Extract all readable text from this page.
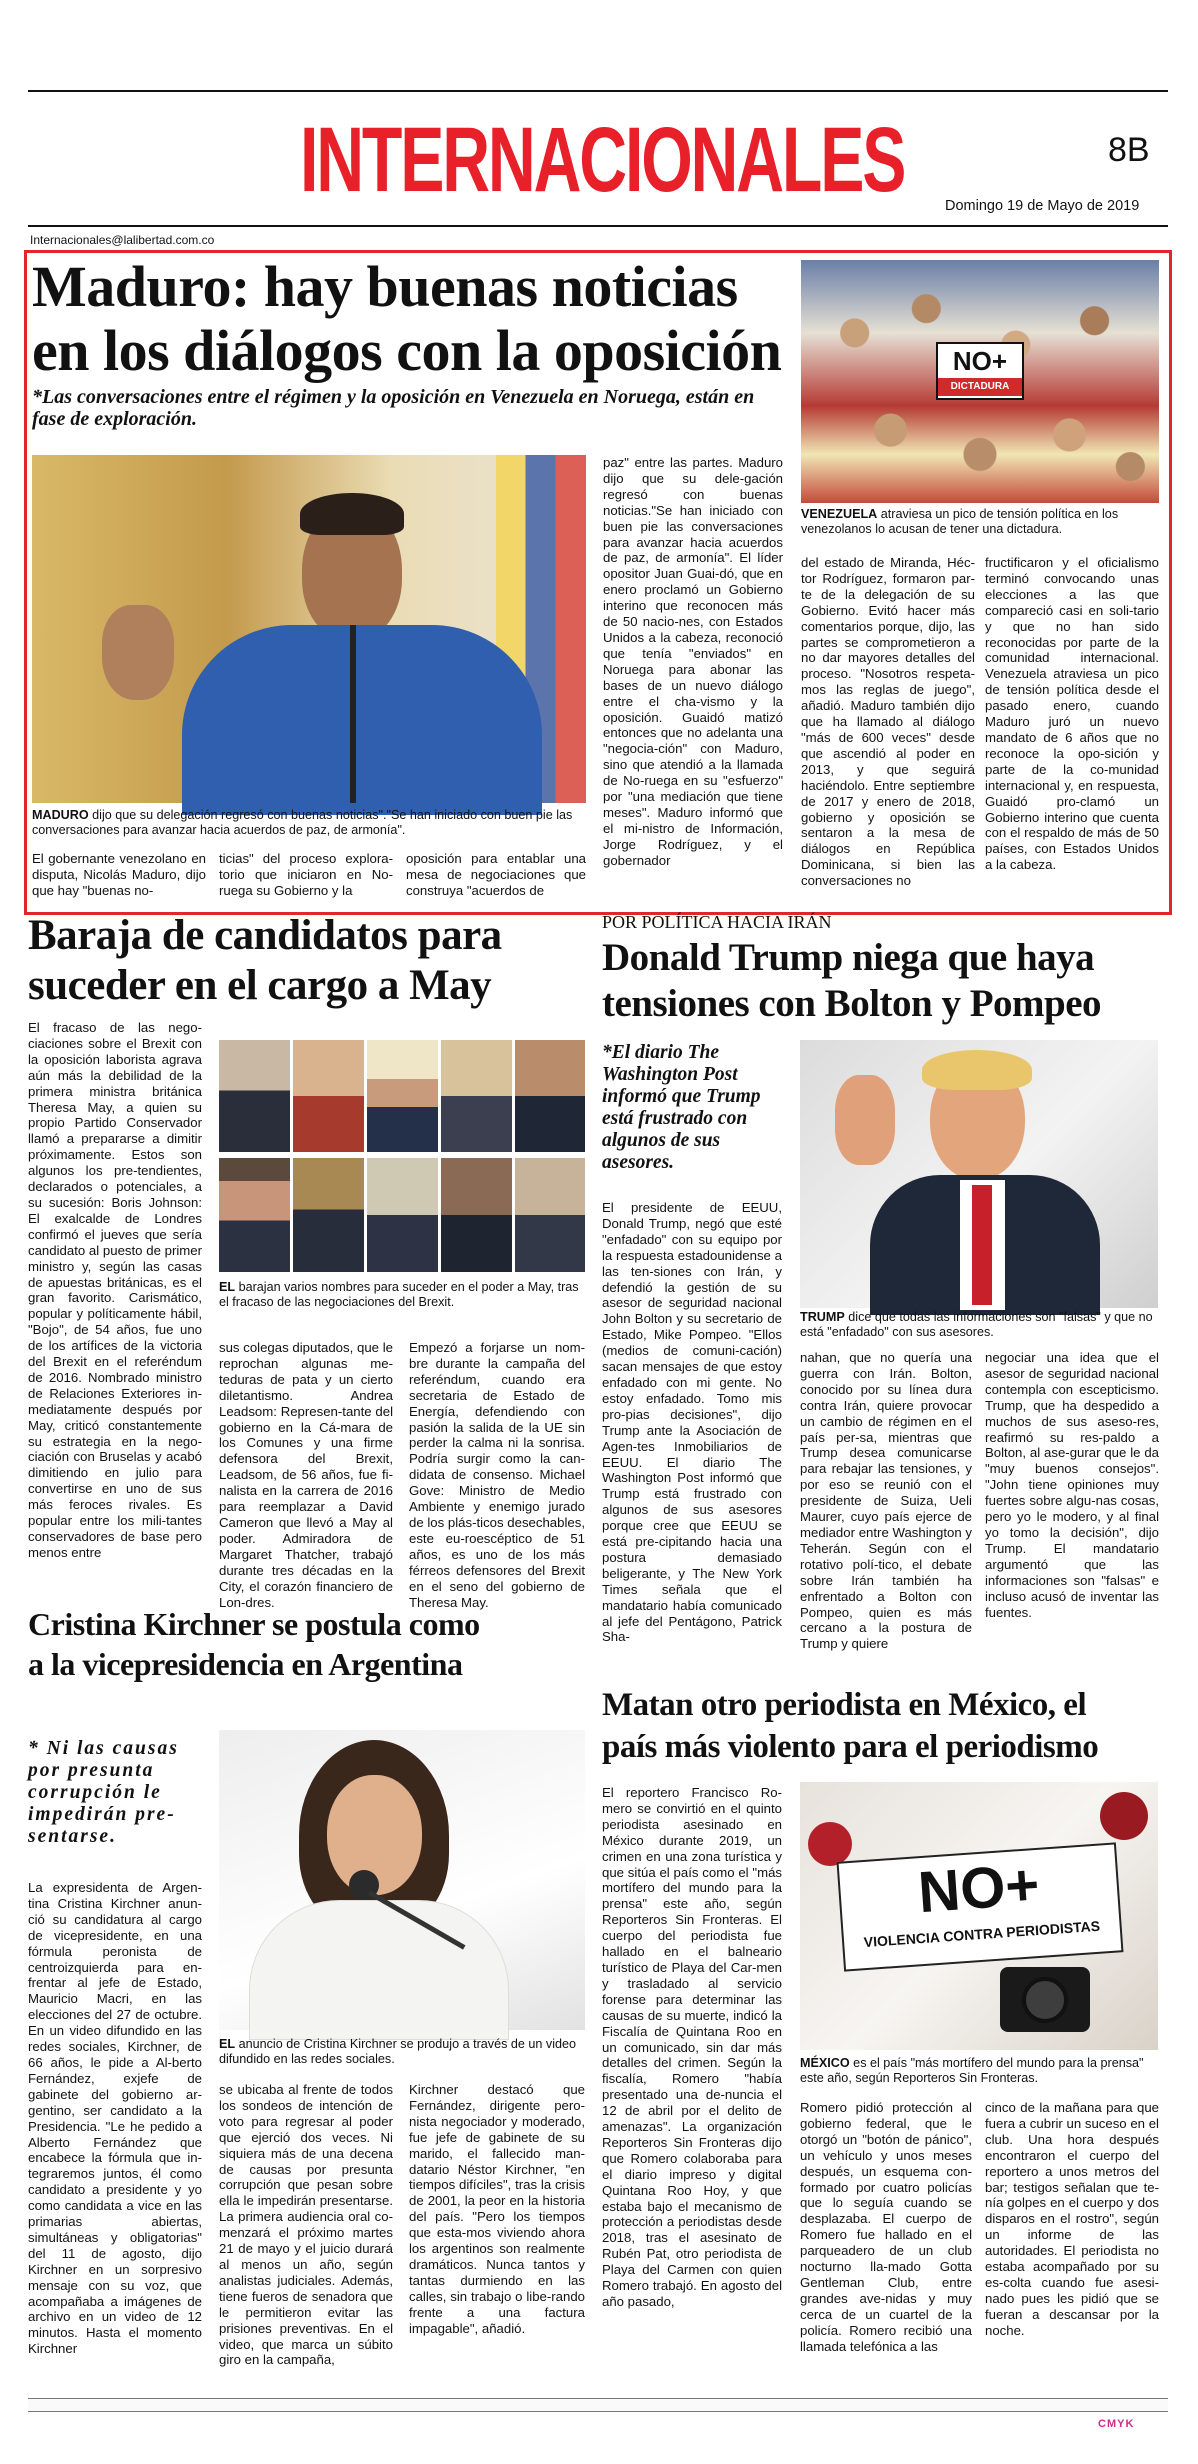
INTERNACIONALES	8B
Domingo 19 de Mayo de 2019
Internacionales@lalibertad.com.co
Maduro: hay buenas noticias
en los diálogos con la oposición
*Las conversaciones entre el régimen y la oposición en Venezuela en Noruega, están en fase de exploración.
NO+
DICTADURA
VENEZUELA atraviesa un pico de tensión política en los venezolanos lo acusan de tener una dictadura.
MADURO dijo que su delegación regresó con buenas noticias"."Se han iniciado con buen pie las conversaciones para avanzar hacia acuerdos de paz, de armonía".
El gobernante venezolano en disputa, Nicolás Maduro, dijo que hay "buenas no-
ticias" del proceso explora-torio que iniciaron en No-ruega su Gobierno y la
oposición para entablar una mesa de negociaciones que construya "acuerdos de
paz" entre las partes. Maduro dijo que su dele-gación regresó con buenas noticias."Se han iniciado con buen pie las conversaciones para avanzar hacia acuerdos de paz, de armonía". El líder opositor Juan Guai-dó, que en enero proclamó un Gobierno interino que reconocen más de 50 nacio-nes, con Estados Unidos a la cabeza, reconoció que tenía "enviados" en Noruega para abonar las bases de un nuevo diálogo entre el cha-vismo y la oposición. Guaidó matizó entonces que no adelanta una "negocia-ción" con Maduro, sino que atendió a la llamada de No-ruega en su "esfuerzo" por "una mediación que tiene meses". Maduro informó que el mi-nistro de Información, Jorge Rodríguez, y el gobernador
del estado de Miranda, Héc-tor Rodríguez, formaron par-te de la delegación de su Gobierno. Evitó hacer más comentarios porque, dijo, las partes se comprometieron a no dar mayores detalles del proceso. "Nosotros respeta-mos las reglas de juego", añadió. Maduro también dijo que ha llamado al diálogo "más de 600 veces" desde que ascendió al poder en 2013, y que seguirá haciéndolo. Entre septiembre de 2017 y enero de 2018, gobierno y oposición se sentaron a la mesa de diálogos en República Dominicana, si bien las conversaciones no
fructificaron y el oficialismo terminó convocando unas elecciones a las que compareció casi en soli-tario y que no han sido reconocidas por parte de la comunidad internacional. Venezuela atraviesa un pico de tensión política desde el pasado enero, cuando Maduro juró un nuevo mandato de 6 años que no reconoce la opo-sición y parte de la co-munidad internacional y, en respuesta, Guaidó pro-clamó un Gobierno interino que cuenta con el respaldo de más de 50 países, con Estados Unidos a la cabeza.
Baraja de candidatos para
suceder en el cargo a May
EL barajan varios nombres para suceder en el poder a May, tras el fracaso de las negociaciones del Brexit.
El fracaso de las nego-ciaciones sobre el Brexit con la oposición laborista agrava aún más la debilidad de la primera ministra británica Theresa May, a quien su propio Partido Conservador llamó a prepararse a dimitir próximamente. Estos son algunos los pre-tendientes, declarados o potenciales, a su sucesión: Boris Johnson: El exalcalde de Londres confirmó el jueves que sería candidato al puesto de primer ministro y, según las casas de apuestas británicas, es el gran favorito. Carismático, popular y políticamente hábil, "Bojo", de 54 años, fue uno de los artífices de la victoria del Brexit en el referéndum de 2016. Nombrado ministro de Relaciones Exteriores in-mediatamente después por May, criticó constantemente su estrategia en la nego-ciación con Bruselas y acabó dimitiendo en julio para convertirse en uno de sus más feroces rivales. Es popular entre los mili-tantes conservadores de base pero menos entre
sus colegas diputados, que le reprochan algunas me-teduras de pata y un cierto diletantismo. Andrea Leadsom: Represen-tante del gobierno en la Cá-mara de los Comunes y una firme defensora del Brexit, Leadsom, de 56 años, fue fi-nalista en la carrera de 2016 para reemplazar a David Cameron que llevó a May al poder. Admiradora de Margaret Thatcher, trabajó durante tres décadas en la City, el corazón financiero de Lon-dres.
Empezó a forjarse un nom-bre durante la campaña del referéndum, cuando era secretaria de Estado de Energía, defendiendo con pasión la salida de la UE sin perder la calma ni la sonrisa. Podría surgir como la can-didata de consenso. Michael Gove: Ministro de Medio Ambiente y enemigo jurado de los plás-ticos desechables, este eu-roescéptico de 51 años, es uno de los más férreos defensores del Brexit en el seno del gobierno de Theresa May.
POR POLÍTICA HACIA IRÁN
Donald Trump niega que haya
tensiones con Bolton y Pompeo
*El diario The Washington Post informó que Trump está frustrado con algunos de sus asesores.
TRUMP dice que todas las informaciones son "falsas" y que no está "enfadado" con sus asesores.
El presidente de EEUU, Donald Trump, negó que esté "enfadado" con su equipo por la respuesta estadounidense a las ten-siones con Irán, y defendió la gestión de su asesor de seguridad nacional John Bolton y su secretario de Estado, Mike Pompeo. "Ellos (medios de comuni-cación) sacan mensajes de que estoy enfadado con mi gente. No estoy enfadado. Tomo mis pro-pias decisiones", dijo Trump ante la Asociación de Agen-tes Inmobiliarios de EEUU. El diario The Washington Post informó que Trump está frustrado con algunos de sus asesores porque cree que EEUU se está pre-cipitando hacia una postura demasiado beligerante, y The New York Times señala que el mandatario había comunicado al jefe del Pentágono, Patrick Sha-
nahan, que no quería una guerra con Irán. Bolton, conocido por su línea dura contra Irán, quiere provocar un cambio de régimen en el país per-sa, mientras que Trump desea comunicarse para rebajar las tensiones, y por eso se reunió con el presidente de Suiza, Ueli Maurer, cuyo país ejerce de mediador entre Washington y Teherán. Según con el rotativo polí-tico, el debate sobre Irán también ha enfrentado a Bolton con Pompeo, quien es más cercano a la postura de Trump y quiere
negociar una idea que el asesor de seguridad nacional contempla con escepticismo. Trump, que ha despedido a muchos de sus aseso-res, reafirmó su res-paldo a Bolton, al ase-gurar que le da "muy buenos consejos". "John tiene opiniones muy fuertes sobre algu-nas cosas, pero yo le modero, y al final yo tomo la decisión", dijo Trump. El mandatario argumentó que las informaciones son "falsas" e incluso acusó de inventar las fuentes.
Cristina Kirchner se postula como
a la vicepresidencia en Argentina
* Ni las causas por presunta corrupción le impedirán pre-sentarse.
EL anuncio de Cristina Kirchner se produjo a través de un video difundido en las redes sociales.
La expresidenta de Argen-tina Cristina Kirchner anun-ció su candidatura al cargo de vicepresidente, en una fórmula peronista de centroizquierda para en-frentar al jefe de Estado, Mauricio Macri, en las elecciones del 27 de octubre. En un video difundido en las redes sociales, Kirchner, de 66 años, le pide a Al-berto Fernández, exjefe de gabinete del gobierno ar-gentino, ser candidato a la Presidencia. "Le he pedido a Alberto Fernández que encabece la fórmula que in-tegraremos juntos, él como candidato a presidente y yo como candidata a vice en las primarias abiertas, simultáneas y obligatorias" del 11 de agosto, dijo Kirchner en un sorpresivo mensaje con su voz, que acompañaba a imágenes de archivo en un video de 12 minutos. Hasta el momento Kirchner
se ubicaba al frente de todos los sondeos de intención de voto para regresar al poder que ejerció dos veces. Ni siquiera más de una decena de causas por presunta corrupción que pesan sobre ella le impedirán presentarse. La primera audiencia oral co-menzará el próximo martes 21 de mayo y el juicio durará al menos un año, según analistas judiciales. Además, tiene fueros de senadora que le permitieron evitar las prisiones preventivas. En el video, que marca un súbito giro en la campaña,
Kirchner destacó que Fernández, dirigente pero-nista negociador y moderado, fue jefe de gabinete de su marido, el fallecido man-datario Néstor Kirchner, "en tiempos difíciles", tras la crisis de 2001, la peor en la historia del país. "Pero los tiempos que esta-mos viviendo ahora los argentinos son realmente dramáticos. Nunca tantos y tantas durmiendo en las calles, sin trabajo o libe-rando frente a una factura impagable", añadió.
Matan otro periodista en México, el
país más violento para el periodismo
NO+
VIOLENCIA CONTRA PERIODISTAS
MÉXICO es el país "más mortífero del mundo para la prensa" este año, según Reporteros Sin Fronteras.
El reportero Francisco Ro-mero se convirtió en el quinto periodista asesinado en México durante 2019, un crimen en una zona turística y que sitúa el país como el "más mortífero del mundo para la prensa" este año, según Reporteros Sin Fronteras. El cuerpo del periodista fue hallado en el balneario turístico de Playa del Car-men y trasladado al servicio forense para determinar las causas de su muerte, indicó la Fiscalía de Quintana Roo en un comunicado, sin dar más detalles del crimen. Según la fiscalía, Romero "había presentado una de-nuncia el 12 de abril por el delito de amenazas". La organización Reporteros Sin Fronteras dijo que Romero colaboraba para el diario impreso y digital Quintana Roo Hoy, y que estaba bajo el mecanismo de protección a periodistas desde 2018, tras el asesinato de Rubén Pat, otro periodista de Playa del Carmen con quien Romero trabajó. En agosto del año pasado,
Romero pidió protección al gobierno federal, que le otorgó un "botón de pánico", un vehículo y unos meses después, un esquema con-formado por cuatro policías que lo seguía cuando se desplazaba. El cuerpo de Romero fue hallado en el parqueadero de un club nocturno lla-mado Gotta Gentleman Club, entre grandes ave-nidas y muy cerca de un cuartel de la policía. Romero recibió una llamada telefónica a las
cinco de la mañana para que fuera a cubrir un suceso en el club. Una hora después encontraron el cuerpo del reportero a unos metros del bar; testigos señalan que te-nía golpes en el cuerpo y dos disparos en el rostro", según un informe de las autoridades. El periodista no estaba acompañado por su es-colta cuando fue asesi-nado pues les pidió que se fueran a descansar por la noche.
CMYK
